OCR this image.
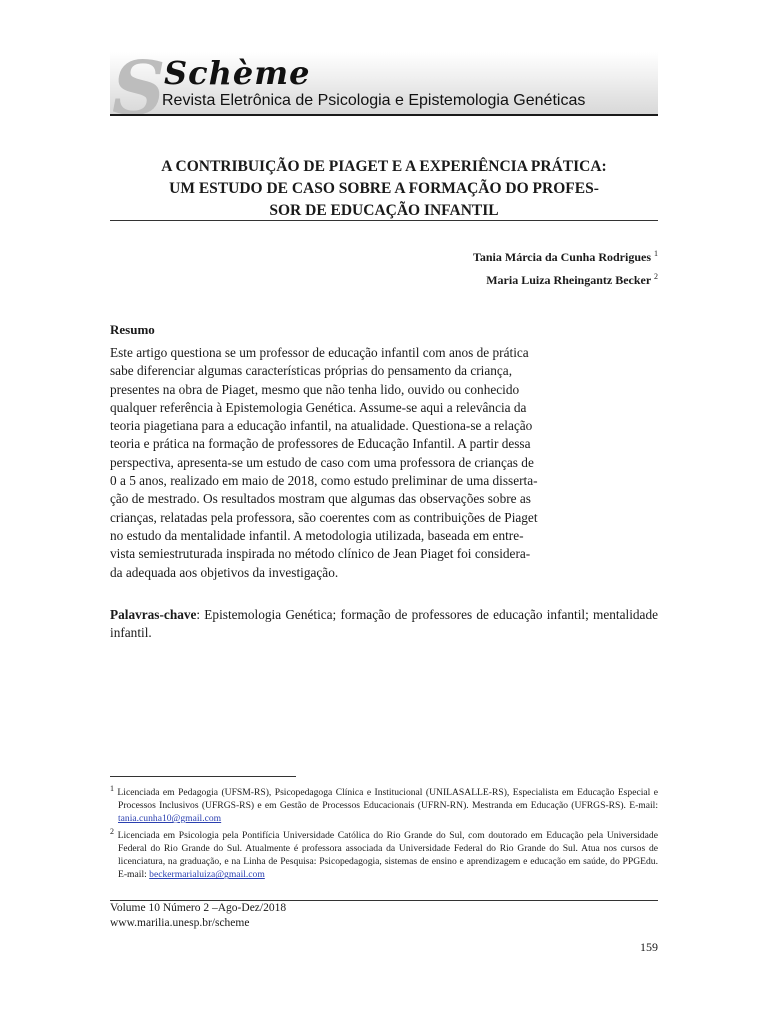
S
Schème
Revista Eletrônica de Psicologia e Epistemologia Genéticas
A CONTRIBUIÇÃO DE PIAGET E A EXPERIÊNCIA PRÁTICA:
UM ESTUDO DE CASO SOBRE A FORMAÇÃO DO PROFES-
SOR DE EDUCAÇÃO INFANTIL
Tania Márcia da Cunha Rodrigues $^1$
Maria Luiza Rheingantz Becker $^2$
Resumo
Este artigo questiona se um professor de educação infantil com anos de prática
sabe diferenciar algumas características próprias do pensamento da criança,
presentes na obra de Piaget, mesmo que não tenha lido, ouvido ou conhecido
qualquer referência à Epistemologia Genética. Assume-se aqui a relevância da
teoria piagetiana para a educação infantil, na atualidade. Questiona-se a relação
teoria e prática na formação de professores de Educação Infantil. A partir dessa
perspectiva, apresenta-se um estudo de caso com uma professora de crianças de
0 a 5 anos, realizado em maio de 2018, como estudo preliminar de uma disserta-
ção de mestrado. Os resultados mostram que algumas das observações sobre as
crianças, relatadas pela professora, são coerentes com as contribuições de Piaget
no estudo da mentalidade infantil. A metodologia utilizada, baseada em entre-
vista semiestruturada inspirada no método clínico de Jean Piaget foi considera-
da adequada aos objetivos da investigação.
Palavras-chave: Epistemologia Genética; formação de professores de educação infantil; mentalidade infantil.
$^1$ Licenciada em Pedagogia (UFSM-RS), Psicopedagoga Clínica e Institucional (UNILASALLE-RS), Especialista em Educação Especial e Processos Inclusivos (UFRGS-RS) e em Gestão de Processos Educacionais (UFRN-RN). Mestranda em Educação (UFRGS-RS). E-mail: tania.cunha10@gmail.com
$^2$ Licenciada em Psicologia pela Pontifícia Universidade Católica do Rio Grande do Sul, com doutorado em Educação pela Universidade Federal do Rio Grande do Sul. Atualmente é professora associada da Universidade Federal do Rio Grande do Sul. Atua nos cursos de licenciatura, na graduação, e na Linha de Pesquisa: Psicopedagogia, sistemas de ensino e aprendizagem e educação em saúde, do PPGEdu. E-mail: beckermarialuiza@gmail.com
Volume 10 Número 2 –Ago-Dez/2018
www.marilia.unesp.br/scheme
159
